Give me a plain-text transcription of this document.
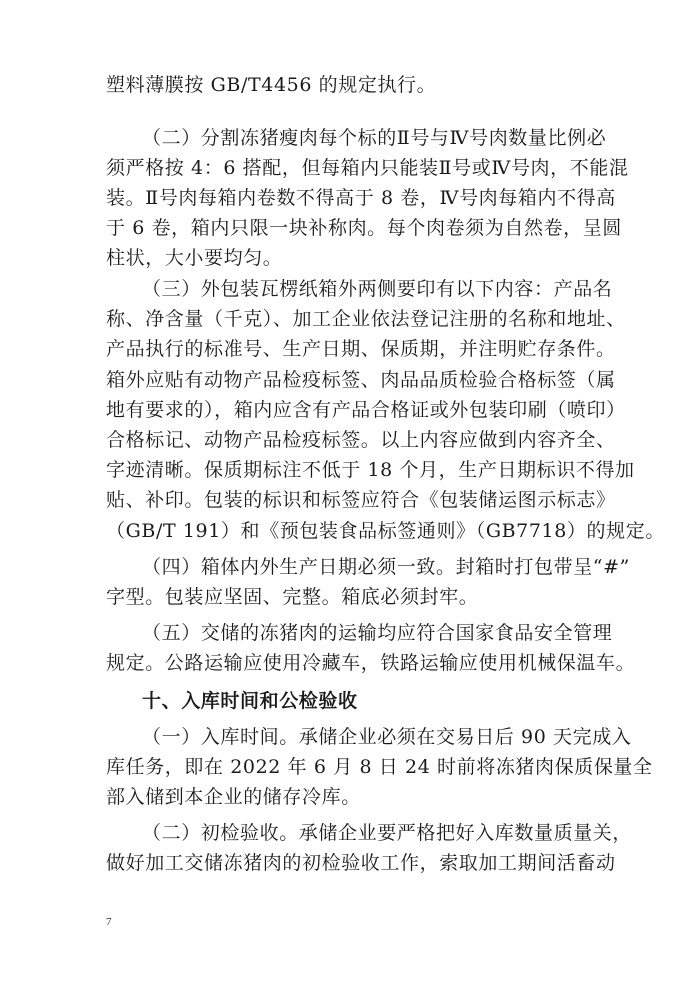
塑料薄膜按 GB/T4456 的规定执行。
（二）分割冻猪瘦肉每个标的Ⅱ号与Ⅳ号肉数量比例必
须严格按 4：6 搭配，但每箱内只能装Ⅱ号或Ⅳ号肉，不能混
装。Ⅱ号肉每箱内卷数不得高于 8 卷，Ⅳ号肉每箱内不得高
于 6 卷，箱内只限一块补称肉。每个肉卷须为自然卷，呈圆
柱状，大小要均匀。
（三）外包装瓦楞纸箱外两侧要印有以下内容：产品名
称、净含量（千克）、加工企业依法登记注册的名称和地址、
产品执行的标准号、生产日期、保质期，并注明贮存条件。
箱外应贴有动物产品检疫标签、肉品品质检验合格标签（属
地有要求的），箱内应含有产品合格证或外包装印刷（喷印）
合格标记、动物产品检疫标签。以上内容应做到内容齐全、
字迹清晰。保质期标注不低于 18 个月，生产日期标识不得加
贴、补印。包装的标识和标签应符合《包装储运图示标志》
（GB/T 191）和《预包装食品标签通则》（GB7718）的规定。
（四）箱体内外生产日期必须一致。封箱时打包带呈“#”
字型。包装应坚固、完整。箱底必须封牢。
（五）交储的冻猪肉的运输均应符合国家食品安全管理
规定。公路运输应使用冷藏车，铁路运输应使用机械保温车。
十、入库时间和公检验收
（一）入库时间。承储企业必须在交易日后 90 天完成入
库任务，即在 2022 年 6 月 8 日 24 时前将冻猪肉保质保量全
部入储到本企业的储存冷库。
（二）初检验收。承储企业要严格把好入库数量质量关，
做好加工交储冻猪肉的初检验收工作，索取加工期间活畜动
7
